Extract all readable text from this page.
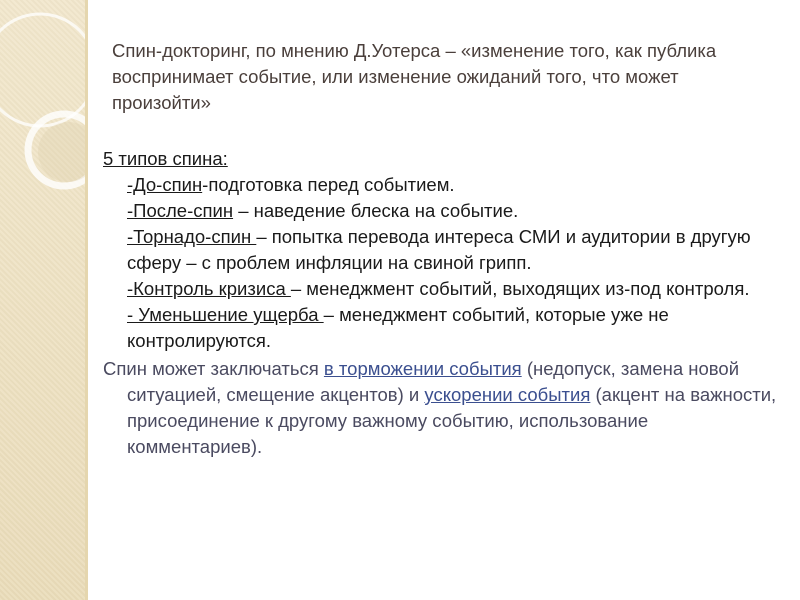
Спин-докторинг, по мнению Д.Уотерса – «изменение того, как публика воспринимает событие, или изменение ожиданий того, что может произойти»

5 типов спина:

-До-спин-подготовка перед событием.
-После-спин – наведение блеска на событие.
-Торнадо-спин – попытка перевода интереса СМИ и аудитории в другую сферу – с проблем инфляции на свиной грипп.
-Контроль кризиса – менеджмент событий, выходящих из-под контроля.
- Уменьшение ущерба – менеджмент событий, которые уже не контролируются.

Спин может заключаться в торможении события (недопуск, замена новой ситуацией, смещение акцентов) и ускорении события (акцент на важности, присоединение к другому важному событию, использование комментариев).
